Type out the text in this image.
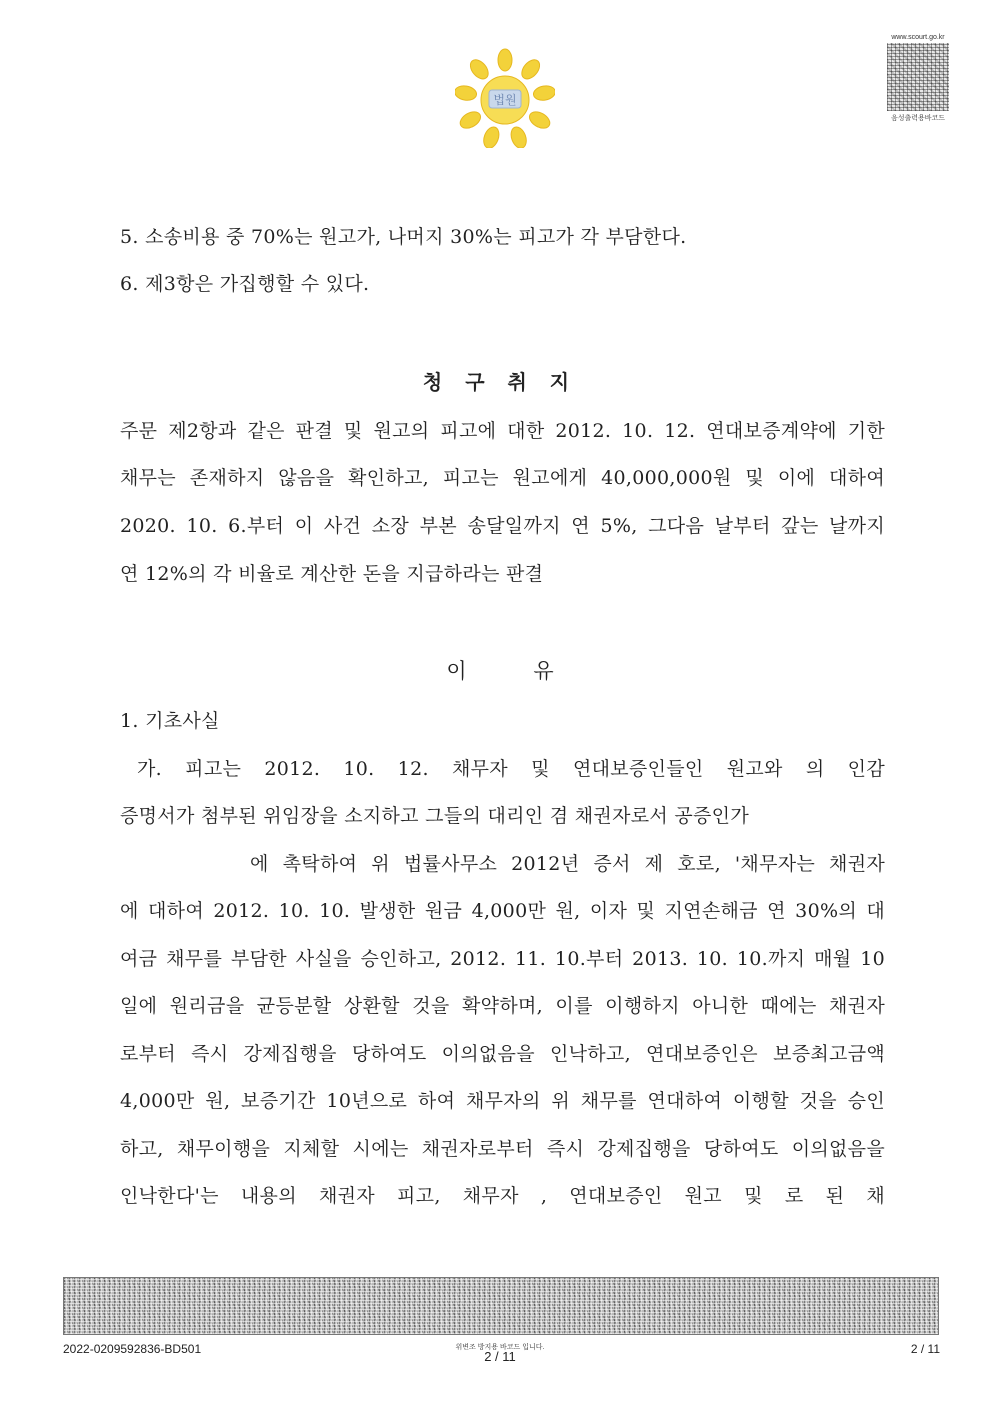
법원
www.scourt.go.kr
음성출력용바코드
5. 소송비용 중 70%는 원고가, 나머지 30%는 피고가 각 부담한다.
6. 제3항은 가집행할 수 있다.
청 구 취 지
주문 제2항과 같은 판결 및 원고의 피고에 대한 2012. 10. 12. 연대보증계약에 기한
채무는 존재하지 않음을 확인하고, 피고는 원고에게 40,000,000원 및 이에 대하여
2020. 10. 6.부터 이 사건 소장 부본 송달일까지 연 5%, 그다음 날부터 갚는 날까지
연 12%의 각 비율로 계산한 돈을 지급하라는 판결
이 유
1. 기초사실
가. 피고는 2012. 10. 12. 채무자 및 연대보증인들인 원고와 의 인감
증명서가 첨부된 위임장을 소지하고 그들의 대리인 겸 채권자로서 공증인가
에 촉탁하여 위 법률사무소 2012년 증서 제 호로, '채무자는 채권자
에 대하여 2012. 10. 10. 발생한 원금 4,000만 원, 이자 및 지연손해금 연 30%의 대
여금 채무를 부담한 사실을 승인하고, 2012. 11. 10.부터 2013. 10. 10.까지 매월 10
일에 원리금을 균등분할 상환할 것을 확약하며, 이를 이행하지 아니한 때에는 채권자
로부터 즉시 강제집행을 당하여도 이의없음을 인낙하고, 연대보증인은 보증최고금액
4,000만 원, 보증기간 10년으로 하여 채무자의 위 채무를 연대하여 이행할 것을 승인
하고, 채무이행을 지체할 시에는 채권자로부터 즉시 강제집행을 당하여도 이의없음을
인낙한다'는 내용의 채권자 피고, 채무자 , 연대보증인 원고 및 로 된 채
2022-0209592836-BD501	위변조 방지용 바코드 입니다.
2 / 11	2 / 11
